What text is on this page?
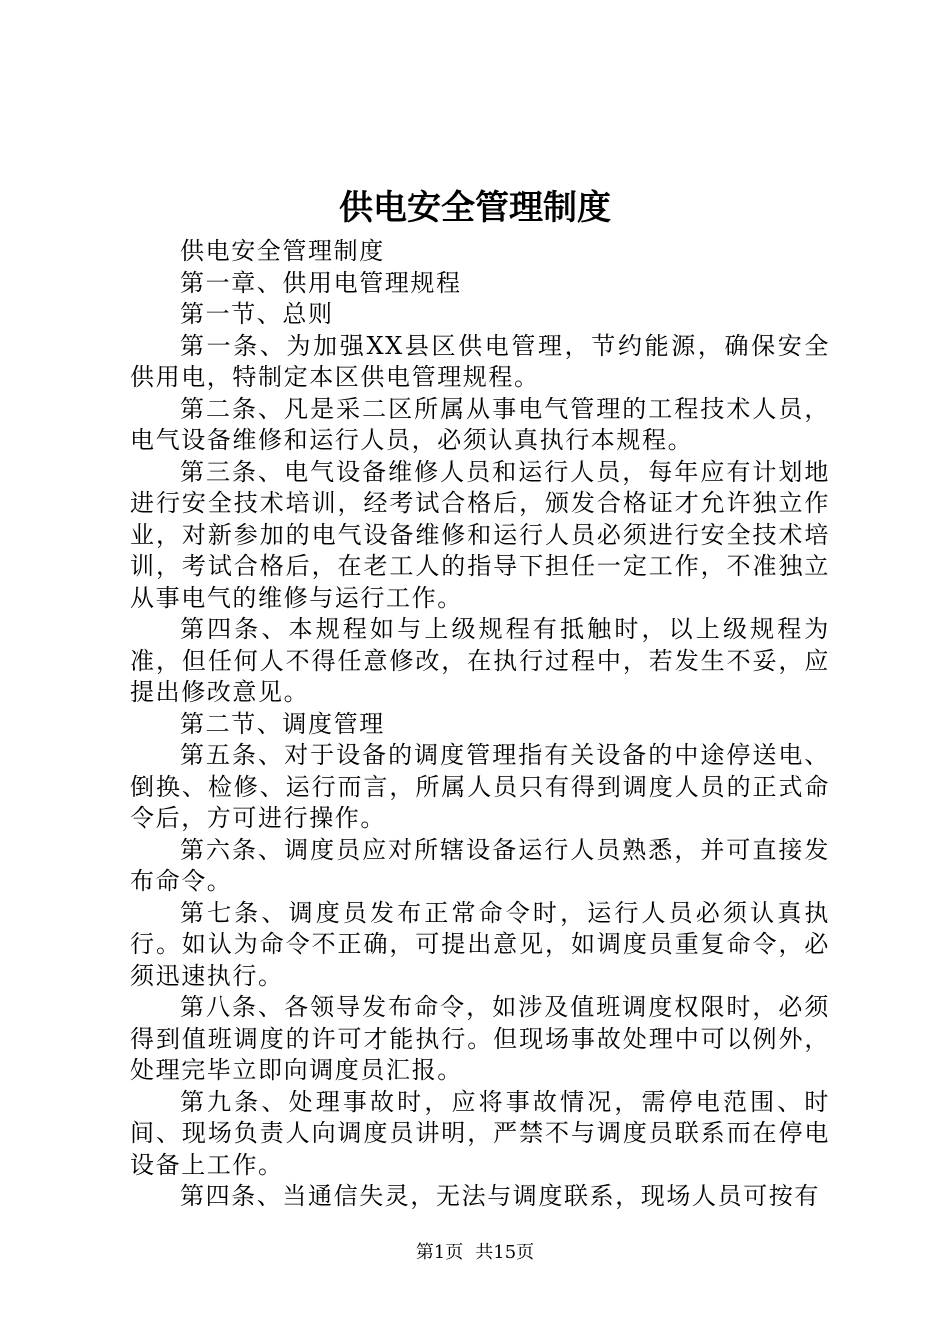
供电安全管理制度

供电安全管理制度

第一章、供用电管理规程

第一节、总则

第一条、为加强XX县区供电管理，节约能源，确保安全供用电，特制定本区供电管理规程。

第二条、凡是采二区所属从事电气管理的工程技术人员，电气设备维修和运行人员，必须认真执行本规程。

第三条、电气设备维修人员和运行人员，每年应有计划地进行安全技术培训，经考试合格后，颁发合格证才允许独立作业，对新参加的电气设备维修和运行人员必须进行安全技术培训，考试合格后，在老工人的指导下担任一定工作，不准独立从事电气的维修与运行工作。

第四条、本规程如与上级规程有抵触时，以上级规程为准，但任何人不得任意修改，在执行过程中，若发生不妥，应提出修改意见。

第二节、调度管理

第五条、对于设备的调度管理指有关设备的中途停送电、倒换、检修、运行而言，所属人员只有得到调度人员的正式命令后，方可进行操作。

第六条、调度员应对所辖设备运行人员熟悉，并可直接发布命令。

第七条、调度员发布正常命令时，运行人员必须认真执行。如认为命令不正确，可提出意见，如调度员重复命令，必须迅速执行。

第八条、各领导发布命令，如涉及值班调度权限时，必须得到值班调度的许可才能执行。但现场事故处理中可以例外，处理完毕立即向调度员汇报。

第九条、处理事故时，应将事故情况，需停电范围、时间、现场负责人向调度员讲明，严禁不与调度员联系而在停电设备上工作。

第四条、当通信失灵，无法与调度联系，现场人员可按有

第1页 共15页
